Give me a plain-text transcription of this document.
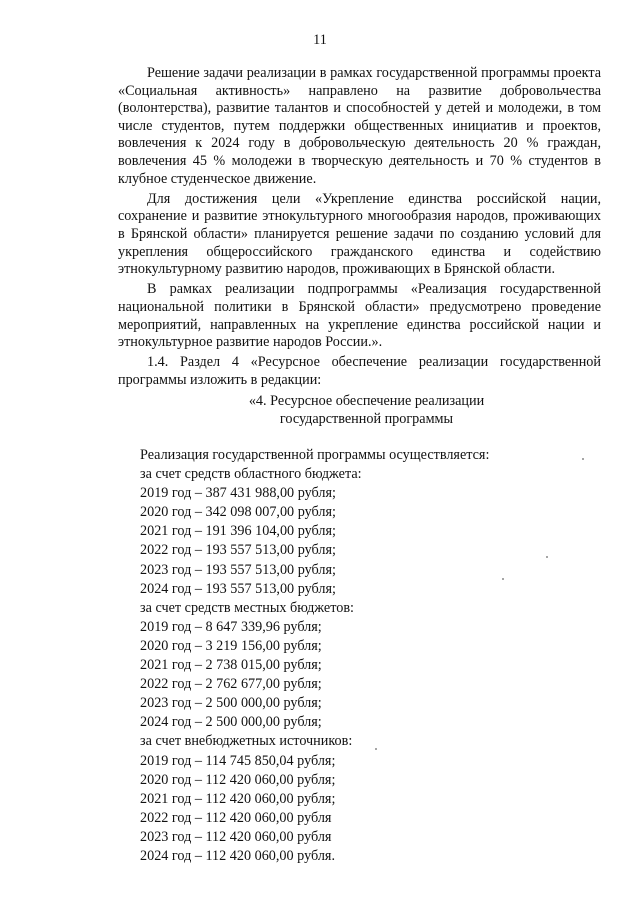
11

Решение задачи реализации в рамках государственной программы проекта «Социальная активность» направлено на развитие добровольчества (волонтерства), развитие талантов и способностей у детей и молодежи, в том числе студентов, путем поддержки общественных инициатив и проектов, вовлечения к 2024 году в добровольческую деятельность 20 % граждан, вовлечения 45 % молодежи в творческую деятельность и 70 % студентов в клубное студенческое движение.

Для достижения цели «Укрепление единства российской нации, сохранение и развитие этнокультурного многообразия народов, проживающих в Брянской области» планируется решение задачи по созданию условий для укрепления общероссийского гражданского единства и содействию этнокультурному развитию народов, проживающих в Брянской области.

В рамках реализации подпрограммы «Реализация государственной национальной политики в Брянской области» предусмотрено проведение мероприятий, направленных на укрепление единства российской нации и этнокультурное развитие народов России.».

1.4. Раздел 4 «Ресурсное обеспечение реализации государственной программы изложить в редакции:

«4. Ресурсное обеспечение реализации
государственной программы
Реализация государственной программы осуществляется:
за счет средств областного бюджета:
2019 год – 387 431 988,00 рубля;
2020 год – 342 098 007,00 рубля;
2021 год – 191 396 104,00 рубля;
2022 год – 193 557 513,00 рубля;
2023 год – 193 557 513,00 рубля;
2024 год – 193 557 513,00 рубля;
за счет средств местных бюджетов:
2019 год – 8 647 339,96 рубля;
2020 год – 3 219 156,00 рубля;
2021 год – 2 738 015,00 рубля;
2022 год – 2 762 677,00 рубля;
2023 год – 2 500 000,00 рубля;
2024 год – 2 500 000,00 рубля;
за счет внебюджетных источников:
2019 год – 114 745 850,04 рубля;
2020 год – 112 420 060,00 рубля;
2021 год – 112 420 060,00 рубля;
2022 год – 112 420 060,00 рубля
2023 год – 112 420 060,00 рубля
2024 год – 112 420 060,00 рубля.
